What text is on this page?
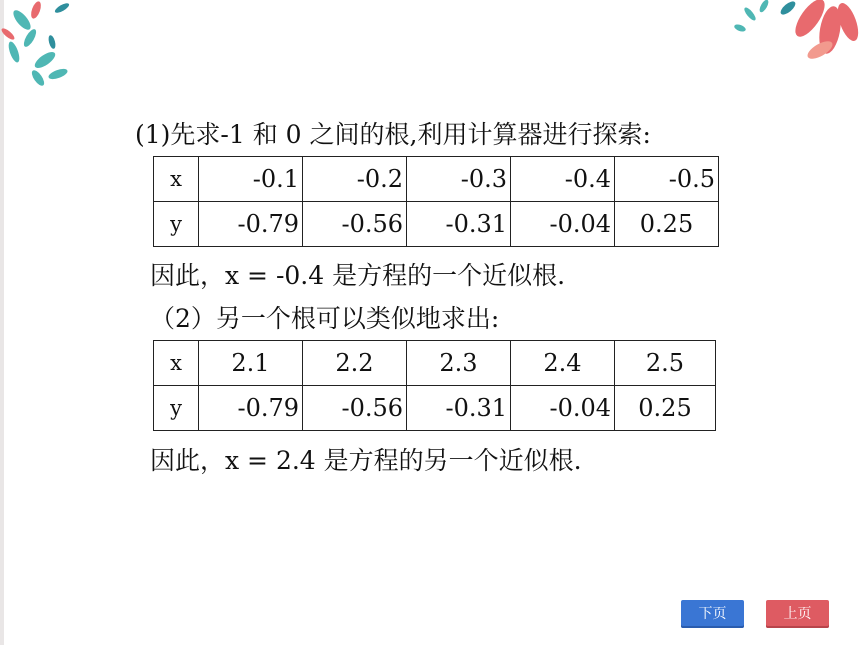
(1)先求-1 和 0 之间的根,利用计算器进行探索:
x	-0.1	-0.2	-0.3	-0.4	-0.5
y	-0.79	-0.56	-0.31	-0.04	0.25
因此，x = -0.4 是方程的一个近似根.
（2）另一个根可以类似地求出:
x	2.1	2.2	2.3	2.4	2.5
y	-0.79	-0.56	-0.31	-0.04	0.25
因此，x = 2.4 是方程的另一个近似根.
下页	上页
